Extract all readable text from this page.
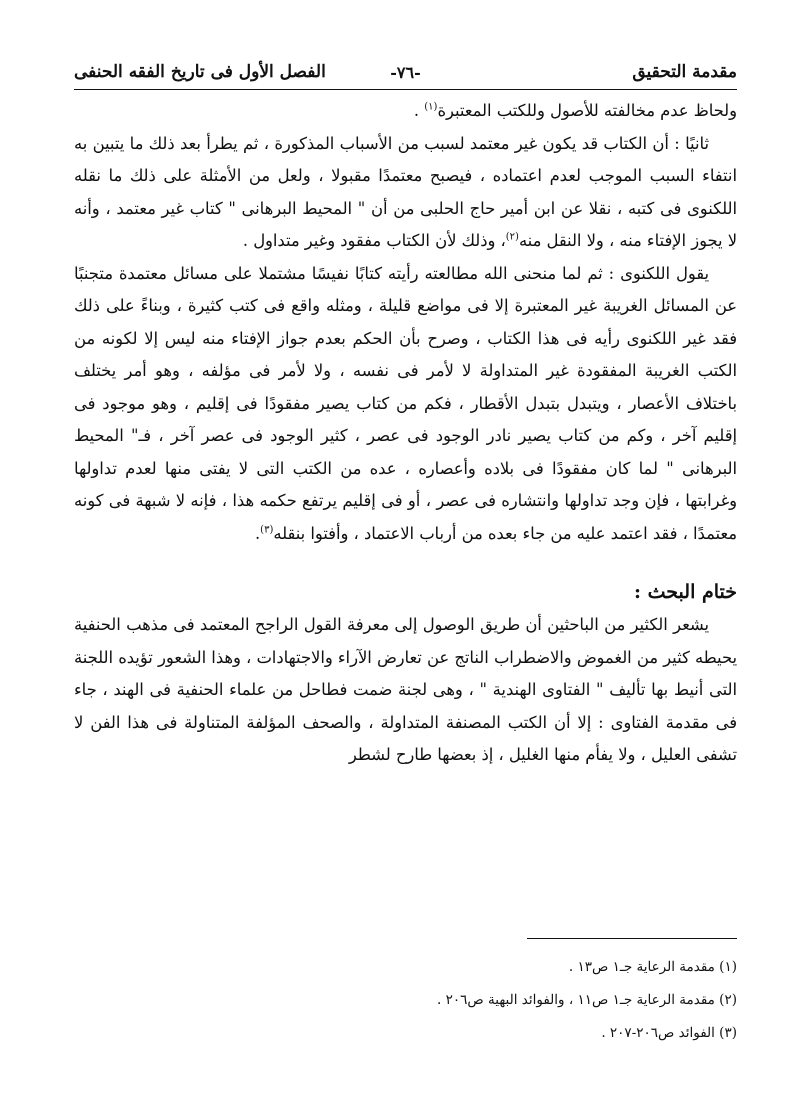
مقدمة التحقيق
-٧٦-
الفصل الأول فى تاريخ الفقه الحنفى

ولحاظ عدم مخالفته للأصول وللكتب المعتبرة$^{(١)}$ .

ثانيًا : أن الكتاب قد يكون غير معتمد لسبب من الأسباب المذكورة ، ثم يطرأ بعد ذلك ما يتبين به انتفاء السبب الموجب لعدم اعتماده ، فيصبح معتمدًا مقبولا ، ولعل من الأمثلة على ذلك ما نقله اللكنوى فى كتبه ، نقلا عن ابن أمير حاج الحلبى من أن " المحيط البرهانى " كتاب غير معتمد ، وأنه لا يجوز الإفتاء منه ، ولا النقل منه$^{(٢)}$، وذلك لأن الكتاب مفقود وغير متداول .

يقول اللكنوى : ثم لما منحنى الله مطالعته رأيته كتابًا نفيسًا مشتملا على مسائل معتمدة متجنبًا عن المسائل الغريبة غير المعتبرة إلا فى مواضع قليلة ، ومثله واقع فى كتب كثيرة ، وبناءً على ذلك فقد غير اللكنوى رأيه فى هذا الكتاب ، وصرح بأن الحكم بعدم جواز الإفتاء منه ليس إلا لكونه من الكتب الغريبة المفقودة غير المتداولة لا لأمر فى نفسه ، ولا لأمر فى مؤلفه ، وهو أمر يختلف باختلاف الأعصار ، ويتبدل بتبدل الأقطار ، فكم من كتاب يصير مفقودًا فى إقليم ، وهو موجود فى إقليم آخر ، وكم من كتاب يصير نادر الوجود فى عصر ، كثير الوجود فى عصر آخر ، فـ" المحيط البرهانى " لما كان مفقودًا فى بلاده وأعصاره ، عده من الكتب التى لا يفتى منها لعدم تداولها وغرابتها ، فإن وجد تداولها وانتشاره فى عصر ، أو فى إقليم يرتفع حكمه هذا ، فإنه لا شبهة فى كونه معتمدًا ، فقد اعتمد عليه من جاء بعده من أرباب الاعتماد ، وأفتوا بنقله$^{(٣)}$.

ختام البحث :

يشعر الكثير من الباحثين أن طريق الوصول إلى معرفة القول الراجح المعتمد فى مذهب الحنفية يحيطه كثير من الغموض والاضطراب الناتج عن تعارض الآراء والاجتهادات ، وهذا الشعور تؤيده اللجنة التى أنيط بها تأليف " الفتاوى الهندية " ، وهى لجنة ضمت فطاحل من علماء الحنفية فى الهند ، جاء فى مقدمة الفتاوى : إلا أن الكتب المصنفة المتداولة ، والصحف المؤلفة المتناولة فى هذا الفن لا تشفى العليل ، ولا يفأم منها الغليل ، إذ بعضها طارح لشطر

(١) مقدمة الرعاية جـ١ ص١٣ .

(٢) مقدمة الرعاية جـ١ ص١١ ، والفوائد البهية ص٢٠٦ .

(٣) الفوائد ص٢٠٦-٢٠٧ .
